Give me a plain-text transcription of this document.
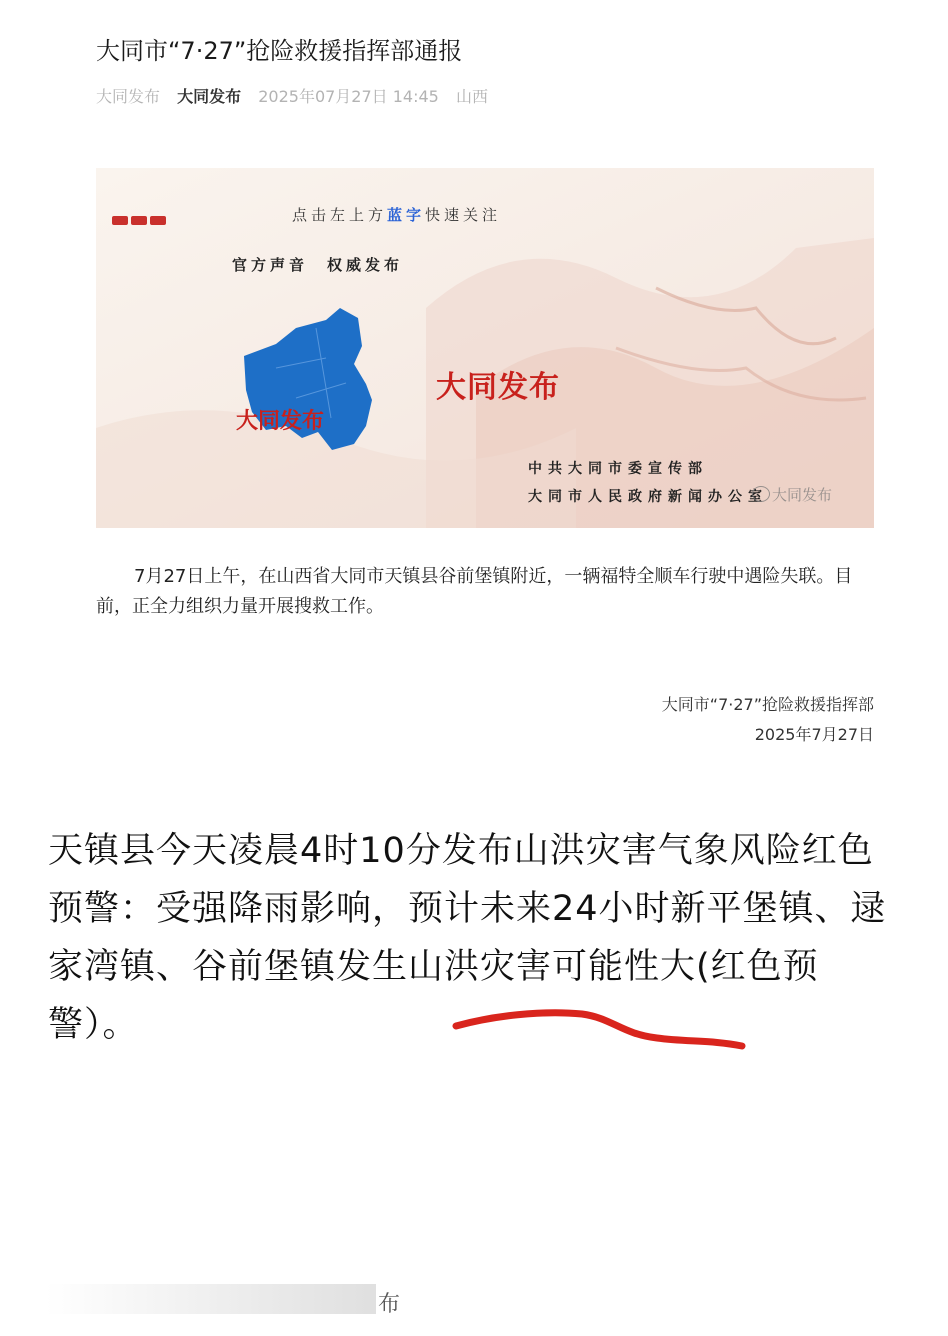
大同市“7·27”抢险救援指挥部通报
大同发布 大同发布 2025年07月27日 14:45 山西
点击左上方蓝字快速关注
官方声音　权威发布
大同发布
大同发布
中共大同市委宣传部
大同市人民政府新闻办公室 大同发布
7月27日上午，在山西省大同市天镇县谷前堡镇附近，一辆福特全顺车行驶中遇险失联。目前，正全力组织力量开展搜救工作。
大同市“7·27”抢险救援指挥部
2025年7月27日
天镇县今天凌晨4时10分发布山洪灾害气象风险红色预警：受强降雨影响，预计未来24小时新平堡镇、逯家湾镇、谷前堡镇发生山洪灾害可能性大(红色预警）。
布
